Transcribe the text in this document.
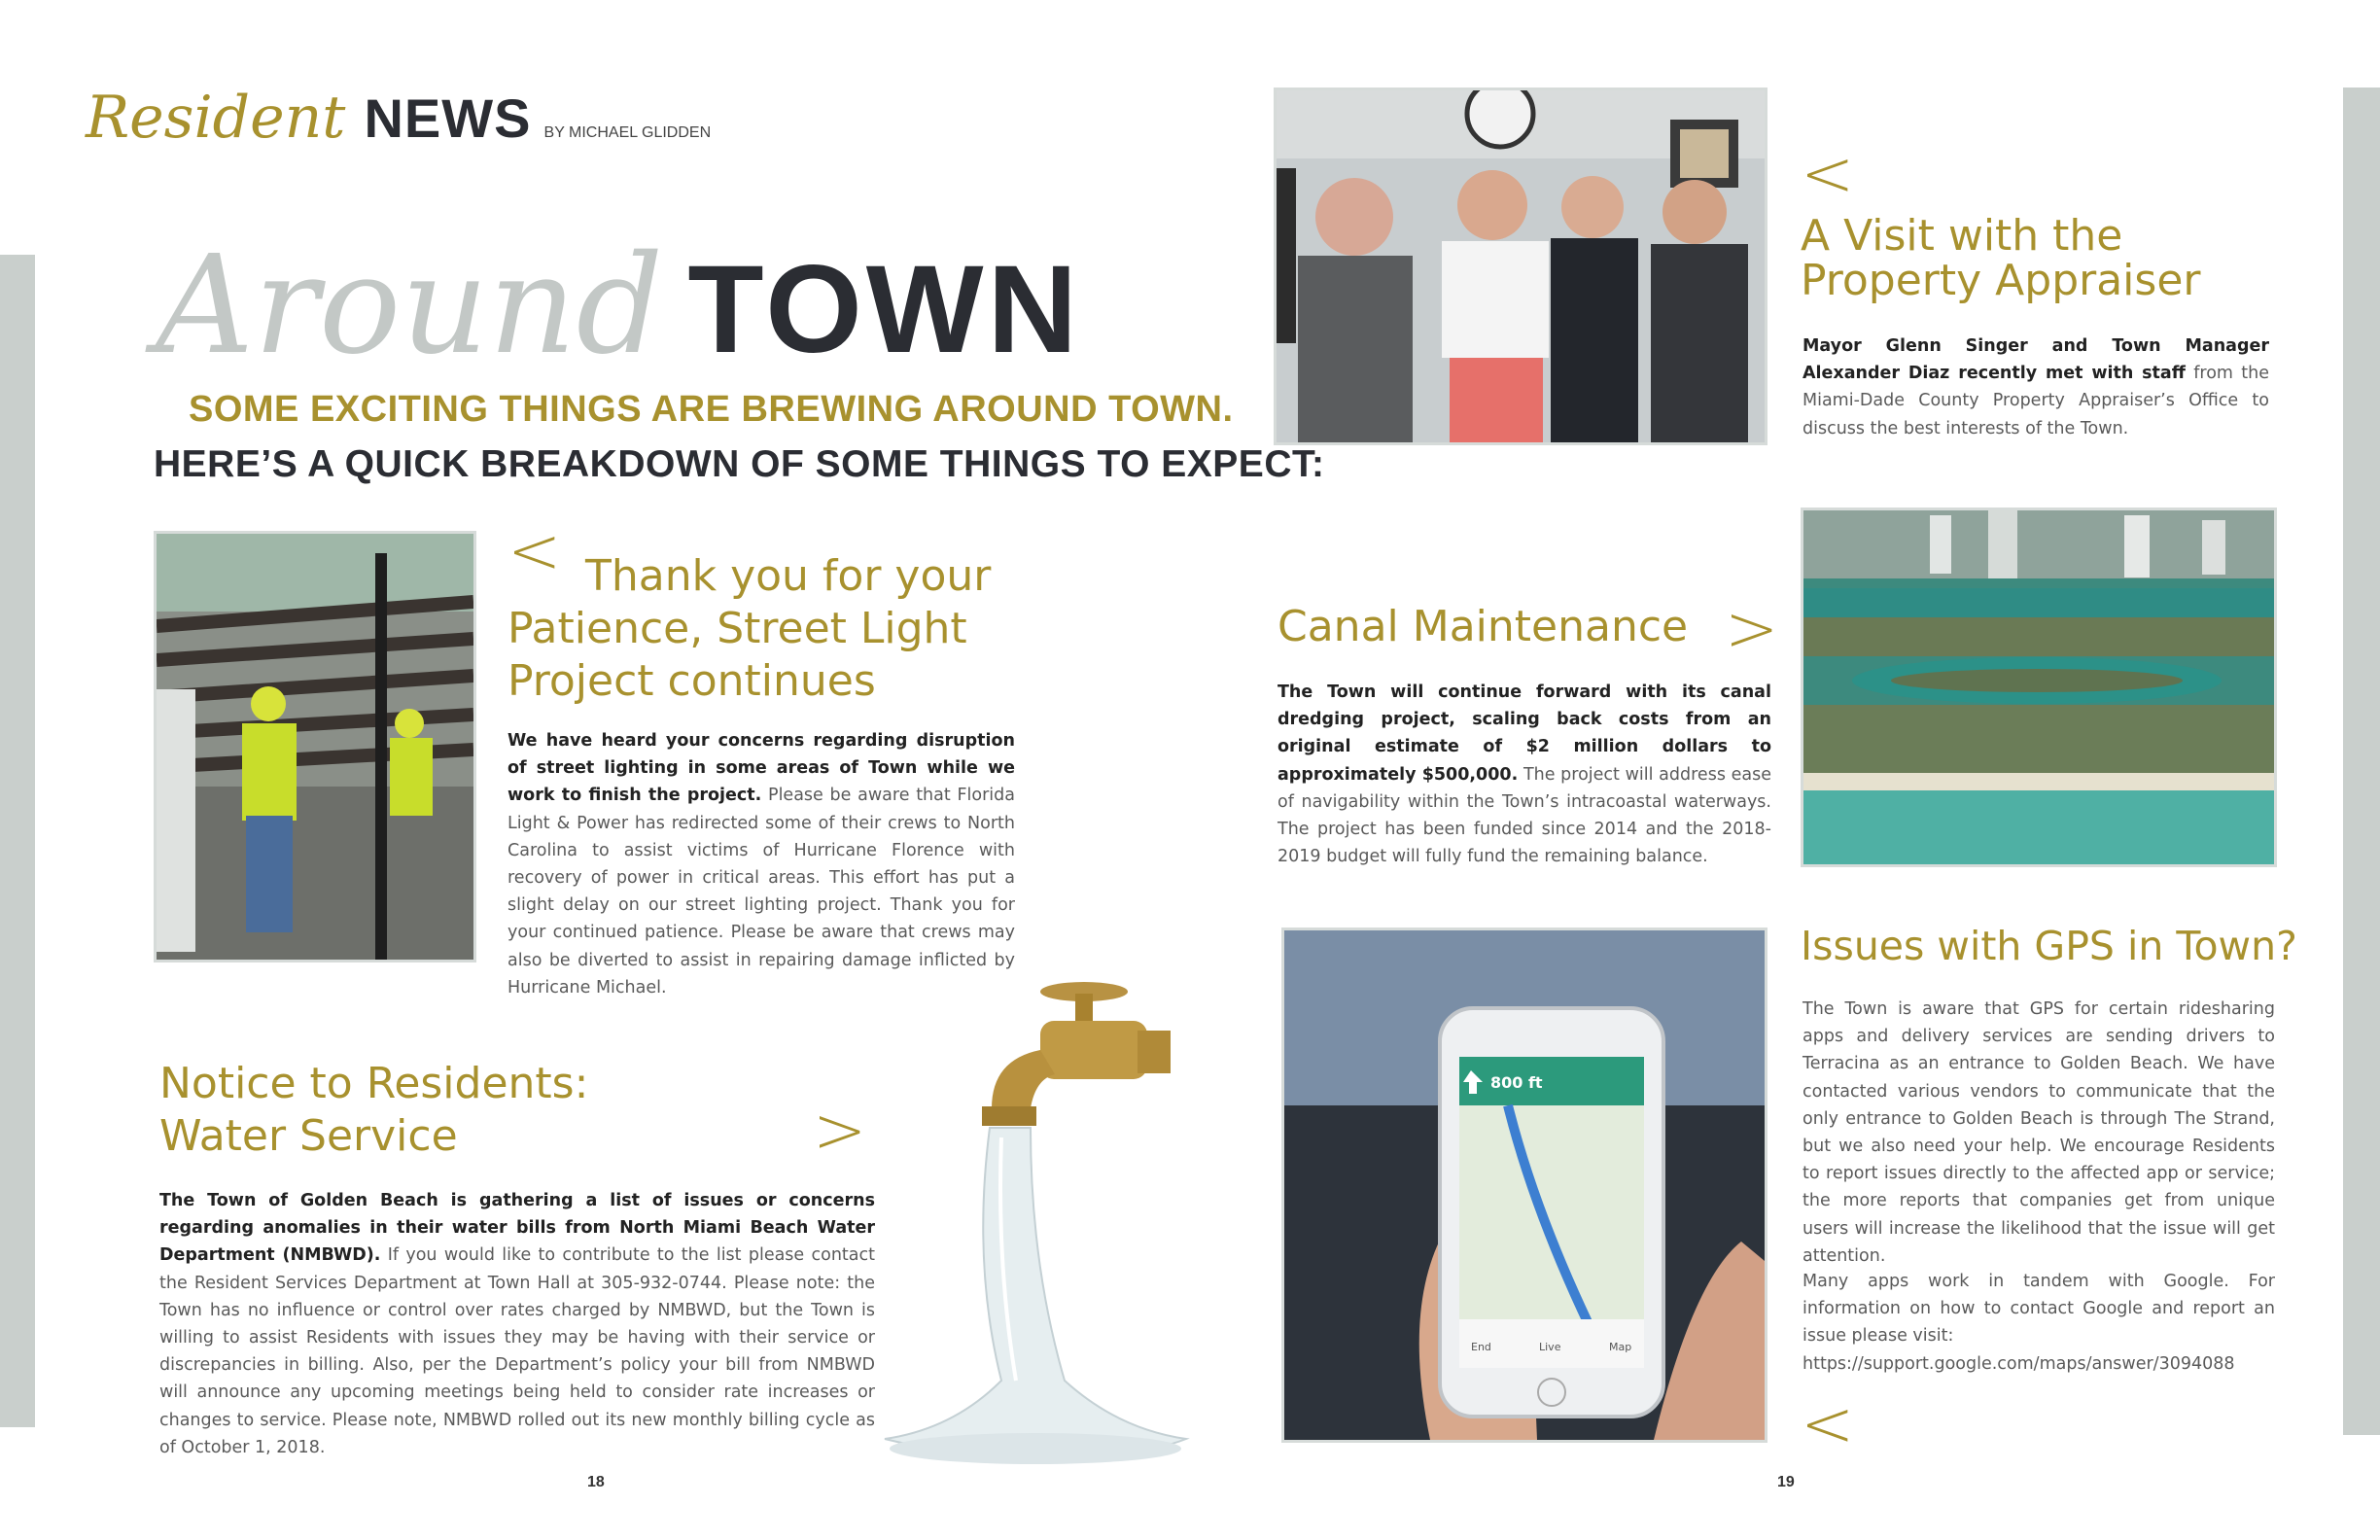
Resident NEWS BY MICHAEL GLIDDEN
Around TOWN
SOME EXCITING THINGS ARE BREWING AROUND TOWN.
HERE’S A QUICK BREAKDOWN OF SOME THINGS TO EXPECT:
< Thank you for your

Patience, Street Light

Project continues

We have heard your concerns regarding disruption of street lighting in some areas of Town while we work to finish the project. Please be aware that Florida Light & Power has redirected some of their crews to North Carolina to assist victims of Hurricane Florence with recovery of power in critical areas. This effort has put a slight delay on our street lighting project. Thank you for your continued patience. Please be aware that crews may also be diverted to assist in repairing damage inflicted by Hurricane Michael.

Notice to Residents:

Water Service	>

The Town of Golden Beach is gathering a list of issues or concerns regarding anomalies in their water bills from North Miami Beach Water Department (NMBWD). If you would like to contribute to the list please contact the Resident Services Department at Town Hall at 305-932-0744. Please note: the Town has no influence or control over rates charged by NMBWD, but the Town is willing to assist Residents with issues they may be having with their service or discrepancies in billing. Also, per the Department’s policy your bill from NMBWD will announce any upcoming meetings being held to consider rate increases or changes to service. Please note, NMBWD rolled out its new monthly billing cycle as of October 1, 2018.

18	19
<

A Visit with the

Property Appraiser

Mayor Glenn Singer and Town Manager Alexander Diaz recently met with staff from the Miami-Dade County Property Appraiser’s Office to discuss the best interests of the Town.

Canal Maintenance >

The Town will continue forward with its canal dredging project, scaling back costs from an original estimate of $2 million dollars to approximately $500,000. The project will address ease of navigability within the Town’s intracoastal waterways. The project has been funded since 2014 and the 2018-2019 budget will fully fund the remaining balance.

800 ft
End	Live	Map
Issues with GPS in Town?

The Town is aware that GPS for certain ridesharing apps and delivery services are sending drivers to Terracina as an entrance to Golden Beach. We have contacted various vendors to communicate that the only entrance to Golden Beach is through The Strand, but we also need your help. We encourage Residents to report issues directly to the affected app or service; the more reports that companies get from unique users will increase the likelihood that the issue will get attention.

Many apps work in tandem with Google. For information on how to contact Google and report an issue please visit:

https://support.google.com/maps/answer/3094088
<
